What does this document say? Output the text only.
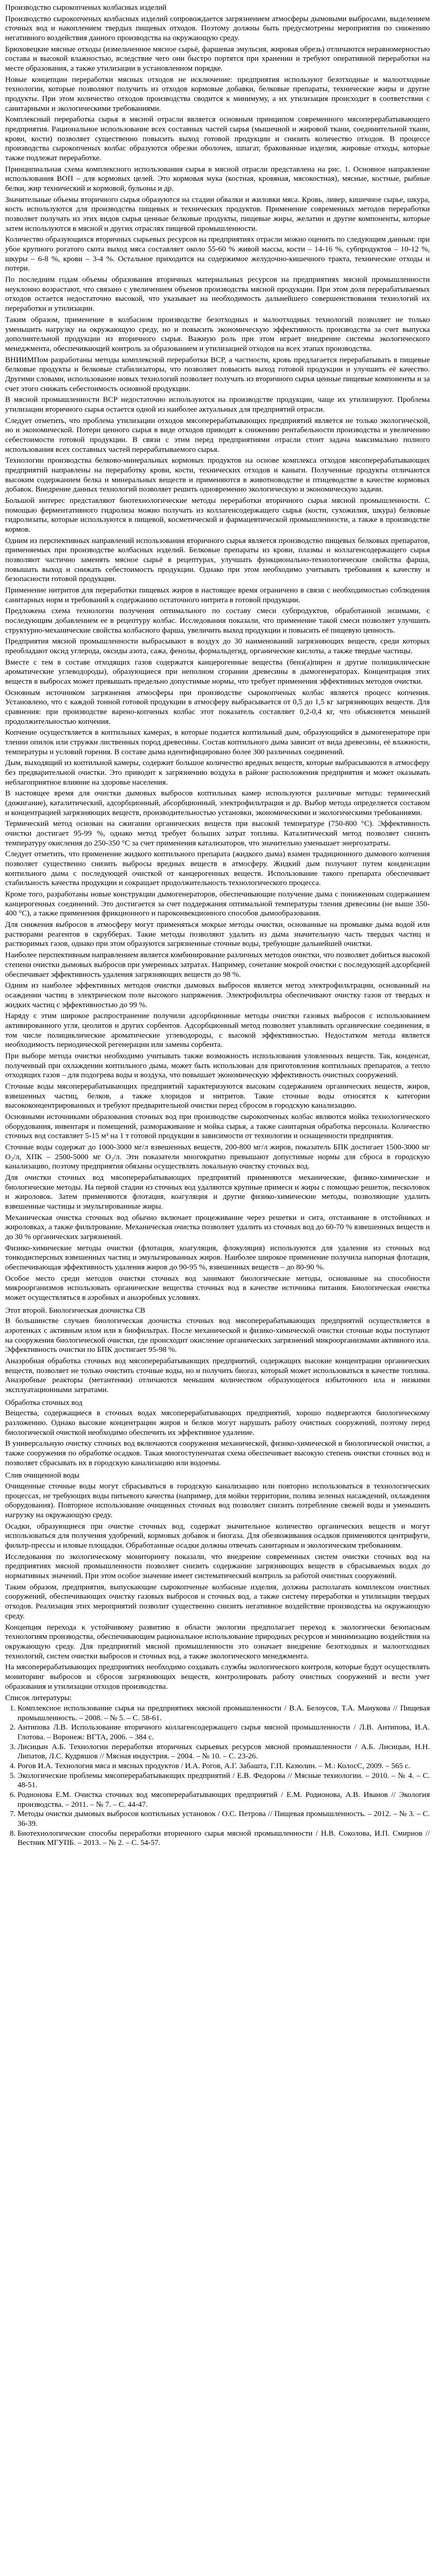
Производство сырокопченых колбасных изделий
Производство сырокопченых колбасных изделий сопровождается загрязнением атмосферы дымовыми выбросами, выделением сточных вод и накоплением твердых пищевых отходов. Поэтому должны быть предусмотрены мероприятия по снижению негативного воздействия данного производства на окружающую среду.
Брюховецкие мясные отходы (измельченное мясное сырьё, фаршевая эмульсия, жировая обрезь) отличаются неравномерностью состава и высокой влажностью, вследствие чего они быстро портятся при хранении и требуют оперативной переработки на месте образования, а также утилизации в установленном порядке.
Новые концепции переработки мясных отходов не исключение: предприятия используют безотходные и малоотходные технологии, которые позволяют получить из отходов кормовые добавки, белковые препараты, технические жиры и другие продукты. При этом количество отходов производства сводится к минимуму, а их утилизация происходит в соответствии с санитарными и экологическими требованиями.
Комплексный переработка сырья в мясной отрасли является основным принципом современного мясоперерабатывающего предприятия. Рациональное использование всех составных частей сырья (мышечной и жировой ткани, соединительной ткани, крови, кости) позволяет существенно повысить выход готовой продукции и снизить количество отходов. В процессе производства сырокопченых колбас образуются обрезки оболочек, шпагат, бракованные изделия, жировые отходы, которые также подлежат переработке.
Принципиальная схема комплексного использования сырья в мясной отрасли представлена на рис. 1. Основное направление использования ВОП – для кормовых целей. Это кормовая мука (костная, кровяная, мясокостная), мясные, костные, рыбные белки, жир технический и кормовой, бульоны и др.
Значительные объемы вторичного сырья образуются на стадии обвалки и жиловки мяса. Кровь, ливер, кишечное сырье, шкура, кость используются для производства пищевых и технических продуктов. Применение современных методов переработки позволяет получать из этих видов сырья ценные белковые продукты, пищевые жиры, желатин и другие компоненты, которые затем используются в мясной и других отраслях пищевой промышленности.
Количество образующихся вторичных сырьевых ресурсов на предприятиях отрасли можно оценить по следующим данным: при убое крупного рогатого скота выход мяса составляет около 55-60 % живой массы, кости – 14-16 %, субпродуктов – 10-12 %, шкуры – 6-8 %, крови – 3-4 %. Остальное приходится на содержимое желудочно-кишечного тракта, технические отходы и потери.
По последним годам объемы образования вторичных материальных ресурсов на предприятиях мясной промышленности неуклонно возрастают, что связано с увеличением объемов производства мясной продукции. При этом доля перерабатываемых отходов остается недостаточно высокой, что указывает на необходимость дальнейшего совершенствования технологий их переработки и утилизации.
Таким образом, применение в колбасном производстве безотходных и малоотходных технологий позволяет не только уменьшить нагрузку на окружающую среду, но и повысить экономическую эффективность производства за счет выпуска дополнительной продукции из вторичного сырья. Важную роль при этом играет внедрение системы экологического менеджмента, обеспечивающей контроль за образованием и утилизацией отходов на всех этапах производства.
ВНИИМПом разработаны методы комплексной переработки ВСР, а частности, кровь предлагается перерабатывать в пищевые белковые продукты и белковые стабилизаторы, что позволяет повысить выход готовой продукции и улучшить её качество. Другими словами, использование новых технологий позволяет получать из вторичного сырья ценные пищевые компоненты и за счет этого снижать себестоимость основной продукции.
В мясной промышленности ВСР недостаточно используются на производстве продукции, чаще их утилизируют. Проблема утилизации вторичного сырья остается одной из наиболее актуальных для предприятий отрасли.
Следует отметить, что проблема утилизации отходов мясоперерабатывающих предприятий является не только экологической, но и экономической. Потери ценного сырья в виде отходов приводят к снижению рентабельности производства и увеличению себестоимости готовой продукции. В связи с этим перед предприятиями отрасли стоит задача максимально полного использования всех составных частей перерабатываемого сырья.
Технологии производства белково-минеральных кормовых продуктов на основе комплекса отходов мясоперерабатывающих предприятий направлены на переработку крови, кости, технических отходов и каныги. Полученные продукты отличаются высоким содержанием белка и минеральных веществ и применяются в животноводстве и птицеводстве в качестве кормовых добавок. Внедрение данных технологий позволяет решить одновременно экологическую и экономическую задачи.
Большой интерес представляют биотехнологические методы переработки вторичного сырья мясной промышленности. С помощью ферментативного гидролиза можно получать из коллагенсодержащего сырья (кости, сухожилия, шкура) белковые гидролизаты, которые используются в пищевой, косметической и фармацевтической промышленности, а также в производстве кормов.
Одним из перспективных направлений использования вторичного сырья является производство пищевых белковых препаратов, применяемых при производстве колбасных изделий. Белковые препараты из крови, плазмы и коллагенсодержащего сырья позволяют частично заменять мясное сырьё в рецептурах, улучшать функционально-технологические свойства фарша, повышать выход и снижать себестоимость продукции. Однако при этом необходимо учитывать требования к качеству и безопасности готовой продукции.
Применение нитритов для переработки пищевых жиров в настоящее время ограничено в связи с необходимостью соблюдения санитарных норм и требований к содержанию остаточного нитрита в готовой продукции.
Предложена схема технологии получения оптимального по составу смеси субпродуктов, обработанной энзимами, с последующим добавлением ее в рецептуру колбас. Исследования показали, что применение такой смеси позволяет улучшить структурно-механические свойства колбасного фарша, увеличить выход продукции и повысить её пищевую ценность.
Предприятия мясной промышленности выбрасывают в воздух до 30 наименований загрязняющих веществ, среди которых преобладают оксид углерода, оксиды азота, сажа, фенолы, формальдегид, органические кислоты, а также твердые частицы.
Вместе с тем в составе отходящих газов содержатся канцерогенные вещества (бенз(а)пирен и другие полициклические ароматические углеводороды), образующиеся при неполном сгорании древесины в дымогенераторах. Концентрация этих веществ в выбросах может превышать предельно допустимые нормы, что требует применения эффективных методов очистки.
Основным источником загрязнения атмосферы при производстве сырокопченых колбас является процесс копчения. Установлено, что с каждой тонной готовой продукции в атмосферу выбрасывается от 0,5 до 1,5 кг загрязняющих веществ. Для сравнения: при производстве варено-копченых колбас этот показатель составляет 0,2-0,4 кг, что объясняется меньшей продолжительностью копчения.
Копчение осуществляется в коптильных камерах, в которые подается коптильный дым, образующийся в дымогенераторе при тлении опилок или стружки лиственных пород древесины. Состав коптильного дыма зависит от вида древесины, её влажности, температуры и условий горения. В составе дыма идентифицировано более 300 различных соединений.
Дым, выходящий из коптильной камеры, содержит большое количество вредных веществ, которые выбрасываются в атмосферу без предварительной очистки. Это приводит к загрязнению воздуха в районе расположения предприятия и может оказывать неблагоприятное влияние на здоровье населения.
В настоящее время для очистки дымовых выбросов коптильных камер используются различные методы: термический (дожигание), каталитический, адсорбционный, абсорбционный, электрофильтрация и др. Выбор метода определяется составом и концентрацией загрязняющих веществ, производительностью установки, экономическими и экологическими требованиями.
Термический метод основан на сжигании органических веществ при высокой температуре (750-800 °С). Эффективность очистки достигает 95-99 %, однако метод требует больших затрат топлива. Каталитический метод позволяет снизить температуру окисления до 250-350 °С за счет применения катализаторов, что значительно уменьшает энергозатраты.
Следует отметить, что применение жидкого коптильного препарата (жидкого дыма) взамен традиционного дымового копчения позволяет существенно снизить выбросы вредных веществ в атмосферу. Жидкий дым получают путем конденсации коптильного дыма с последующей очисткой от канцерогенных веществ. Использование такого препарата обеспечивает стабильность качества продукции и сокращает продолжительность технологического процесса.
Кроме того, разработаны новые конструкции дымогенераторов, обеспечивающие получение дыма с пониженным содержанием канцерогенных соединений. Это достигается за счет поддержания оптимальной температуры тления древесины (не выше 350-400 °С), а также применения фрикционного и пароконвекционного способов дымообразования.
Для снижения выбросов в атмосферу могут применяться мокрые методы очистки, основанные на промывке дыма водой или растворами реагентов в скрубберах. Такие методы позволяют удалить из дыма значительную часть твердых частиц и растворимых газов, однако при этом образуются загрязненные сточные воды, требующие дальнейшей очистки.
Наиболее перспективным направлением является комбинирование различных методов очистки, что позволяет добиться высокой степени очистки дымовых выбросов при умеренных затратах. Например, сочетание мокрой очистки с последующей адсорбцией обеспечивает эффективность удаления загрязняющих веществ до 98 %.
Одним из наиболее эффективных методов очистки дымовых выбросов является метод электрофильтрации, основанный на осаждении частиц в электрическом поле высокого напряжения. Электрофильтры обеспечивают очистку газов от твердых и жидких частиц с эффективностью до 99 %.
Наряду с этим широкое распространение получили адсорбционные методы очистки газовых выбросов с использованием активированного угля, цеолитов и других сорбентов. Адсорбционный метод позволяет улавливать органические соединения, в том числе полициклические ароматические углеводороды, с высокой эффективностью. Недостатком метода является необходимость периодической регенерации или замены сорбента.
При выборе метода очистки необходимо учитывать также возможность использования уловленных веществ. Так, конденсат, полученный при охлаждении коптильного дыма, может быть использован для приготовления коптильных препаратов, а тепло отходящих газов – для подогрева воды и воздуха, что повышает экономическую эффективность очистных сооружений.
Сточные воды мясоперерабатывающих предприятий характеризуются высоким содержанием органических веществ, жиров, взвешенных частиц, белков, а также хлоридов и нитритов. Такие сточные воды относятся к категории высококонцентрированных и требуют предварительной очистки перед сбросом в городскую канализацию.
Основными источниками образования сточных вод при производстве сырокопченых колбас являются мойка технологического оборудования, инвентаря и помещений, размораживание и мойка сырья, а также санитарная обработка персонала. Количество сточных вод составляет 5-15 м³ на 1 т готовой продукции в зависимости от технологии и оснащенности предприятия.
Сточные воды содержат до 1000-3000 мг/л взвешенных веществ, 200-800 мг/л жиров, показатель БПК достигает 1500-3000 мг О₂/л, ХПК – 2500-5000 мг О₂/л. Эти показатели многократно превышают допустимые нормы для сброса в городскую канализацию, поэтому предприятия обязаны осуществлять локальную очистку сточных вод.
Для очистки сточных вод мясоперерабатывающих предприятий применяются механические, физико-химические и биологические методы. На первой стадии из сточных вод удаляются крупные примеси и жиры с помощью решеток, песколовок и жироловок. Затем применяются флотация, коагуляция и другие физико-химические методы, позволяющие удалить взвешенные частицы и эмульгированные жиры.
Механическая очистка сточных вод обычно включает процеживание через решетки и сита, отстаивание в отстойниках и жироловках, а также фильтрование. Механическая очистка позволяет удалить из сточных вод до 60-70 % взвешенных веществ и до 30 % органических загрязнений.
Физико-химические методы очистки (флотация, коагуляция, флокуляция) используются для удаления из сточных вод тонкодисперсных взвешенных частиц и эмульгированных жиров. Наиболее широкое применение получила напорная флотация, обеспечивающая эффективность удаления жиров до 90-95 %, взвешенных веществ – до 80-90 %.
Особое место среди методов очистки сточных вод занимают биологические методы, основанные на способности микроорганизмов использовать органические вещества сточных вод в качестве источника питания. Биологическая очистка может осуществляться в аэробных и анаэробных условиях.
Этот второй. Биологическая доочистка СВ
В большинстве случаев биологическая доочистка сточных вод мясоперерабатывающих предприятий осуществляется в аэротенках с активным илом или в биофильтрах. После механической и физико-химической очистки сточные воды поступают на сооружения биологической очистки, где происходит окисление органических загрязнений микроорганизмами активного ила. Эффективность очистки по БПК достигает 95-98 %.
Анаэробная обработка сточных вод мясоперерабатывающих предприятий, содержащих высокие концентрации органических веществ, позволяет не только очистить сточные воды, но и получить биогаз, который может использоваться в качестве топлива. Анаэробные реакторы (метантенки) отличаются меньшим количеством образующегося избыточного ила и низкими эксплуатационными затратами.
Обработка сточных вод
Вещества, содержащиеся в сточных водах мясоперерабатывающих предприятий, хорошо подвергаются биологическому разложению. Однако высокие концентрации жиров и белков могут нарушать работу очистных сооружений, поэтому перед биологической очисткой необходимо обеспечить их эффективное удаление.
В универсальную очистку сточных вод включаются сооружения механической, физико-химической и биологической очистки, а также сооружения по обработке осадков. Такая многоступенчатая схема обеспечивает высокую степень очистки сточных вод и позволяет сбрасывать их в городскую канализацию или водоемы.
Слив очищенной воды
Очищенные сточные воды могут сбрасываться в городскую канализацию или повторно использоваться в технологических процессах, не требующих воды питьевого качества (например, для мойки территории, полива зеленых насаждений, охлаждения оборудования). Повторное использование очищенных сточных вод позволяет снизить потребление свежей воды и уменьшить нагрузку на окружающую среду.
Осадки, образующиеся при очистке сточных вод, содержат значительное количество органических веществ и могут использоваться для получения удобрений, кормовых добавок и биогаза. Для обезвоживания осадков применяются центрифуги, фильтр-прессы и иловые площадки. Обработанные осадки должны отвечать санитарным и экологическим требованиям.
Исследования по экологическому мониторингу показали, что внедрение современных систем очистки сточных вод на предприятиях мясной промышленности позволяет снизить содержание загрязняющих веществ в сбрасываемых водах до нормативных значений. При этом особое значение имеет систематический контроль за работой очистных сооружений.
Таким образом, предприятия, выпускающие сырокопченые колбасные изделия, должны располагать комплексом очистных сооружений, обеспечивающих очистку газовых выбросов и сточных вод, а также систему переработки и утилизации твердых отходов. Реализация этих мероприятий позволит существенно снизить негативное воздействие производства на окружающую среду.
Концепция перехода к устойчивому развитию в области экологии предполагает переход к экологически безопасным технологиям производства, обеспечивающим рациональное использование природных ресурсов и минимизацию воздействия на окружающую среду. Для предприятий мясной промышленности это означает внедрение безотходных и малоотходных технологий, систем очистки выбросов и сточных вод, а также экологического менеджмента.
На мясоперерабатывающих предприятиях необходимо создавать службы экологического контроля, которые будут осуществлять мониторинг выбросов и сбросов загрязняющих веществ, контролировать работу очистных сооружений и вести учет образования и утилизации отходов производства.
Список литературы:
1. Комплексное использование сырья на предприятиях мясной промышленности / В.А. Белоусов, Т.А. Манукова // Пищевая промышленность. – 2008. – № 5. – С. 58-61.
2. Антипова Л.В. Использование вторичного коллагенсодержащего сырья мясной промышленности / Л.В. Антипова, И.А. Глотова. – Воронеж: ВГТА, 2006. – 384 с.
3. Лисицын А.Б. Технологии переработки вторичных сырьевых ресурсов мясной промышленности / А.Б. Лисицын, Н.Н. Липатов, Л.С. Кудряшов // Мясная индустрия. – 2004. – № 10. – С. 23-26.
4. Рогов И.А. Технология мяса и мясных продуктов / И.А. Рогов, А.Г. Забашта, Г.П. Казюлин. – М.: КолосС, 2009. – 565 с.
5. Экологические проблемы мясоперерабатывающих предприятий / Е.В. Федорова // Мясные технологии. – 2010. – № 4. – С. 48-51.
6. Родионова Е.М. Очистка сточных вод мясоперерабатывающих предприятий / Е.М. Родионова, А.В. Иванов // Экология производства. – 2011. – № 7. – С. 44-47.
7. Методы очистки дымовых выбросов коптильных установок / О.С. Петрова // Пищевая промышленность. – 2012. – № 3. – С. 36-39.
8. Биотехнологические способы переработки вторичного сырья мясной промышленности / Н.В. Соколова, И.П. Смирнов // Вестник МГУПБ. – 2013. – № 2. – С. 54-57.
